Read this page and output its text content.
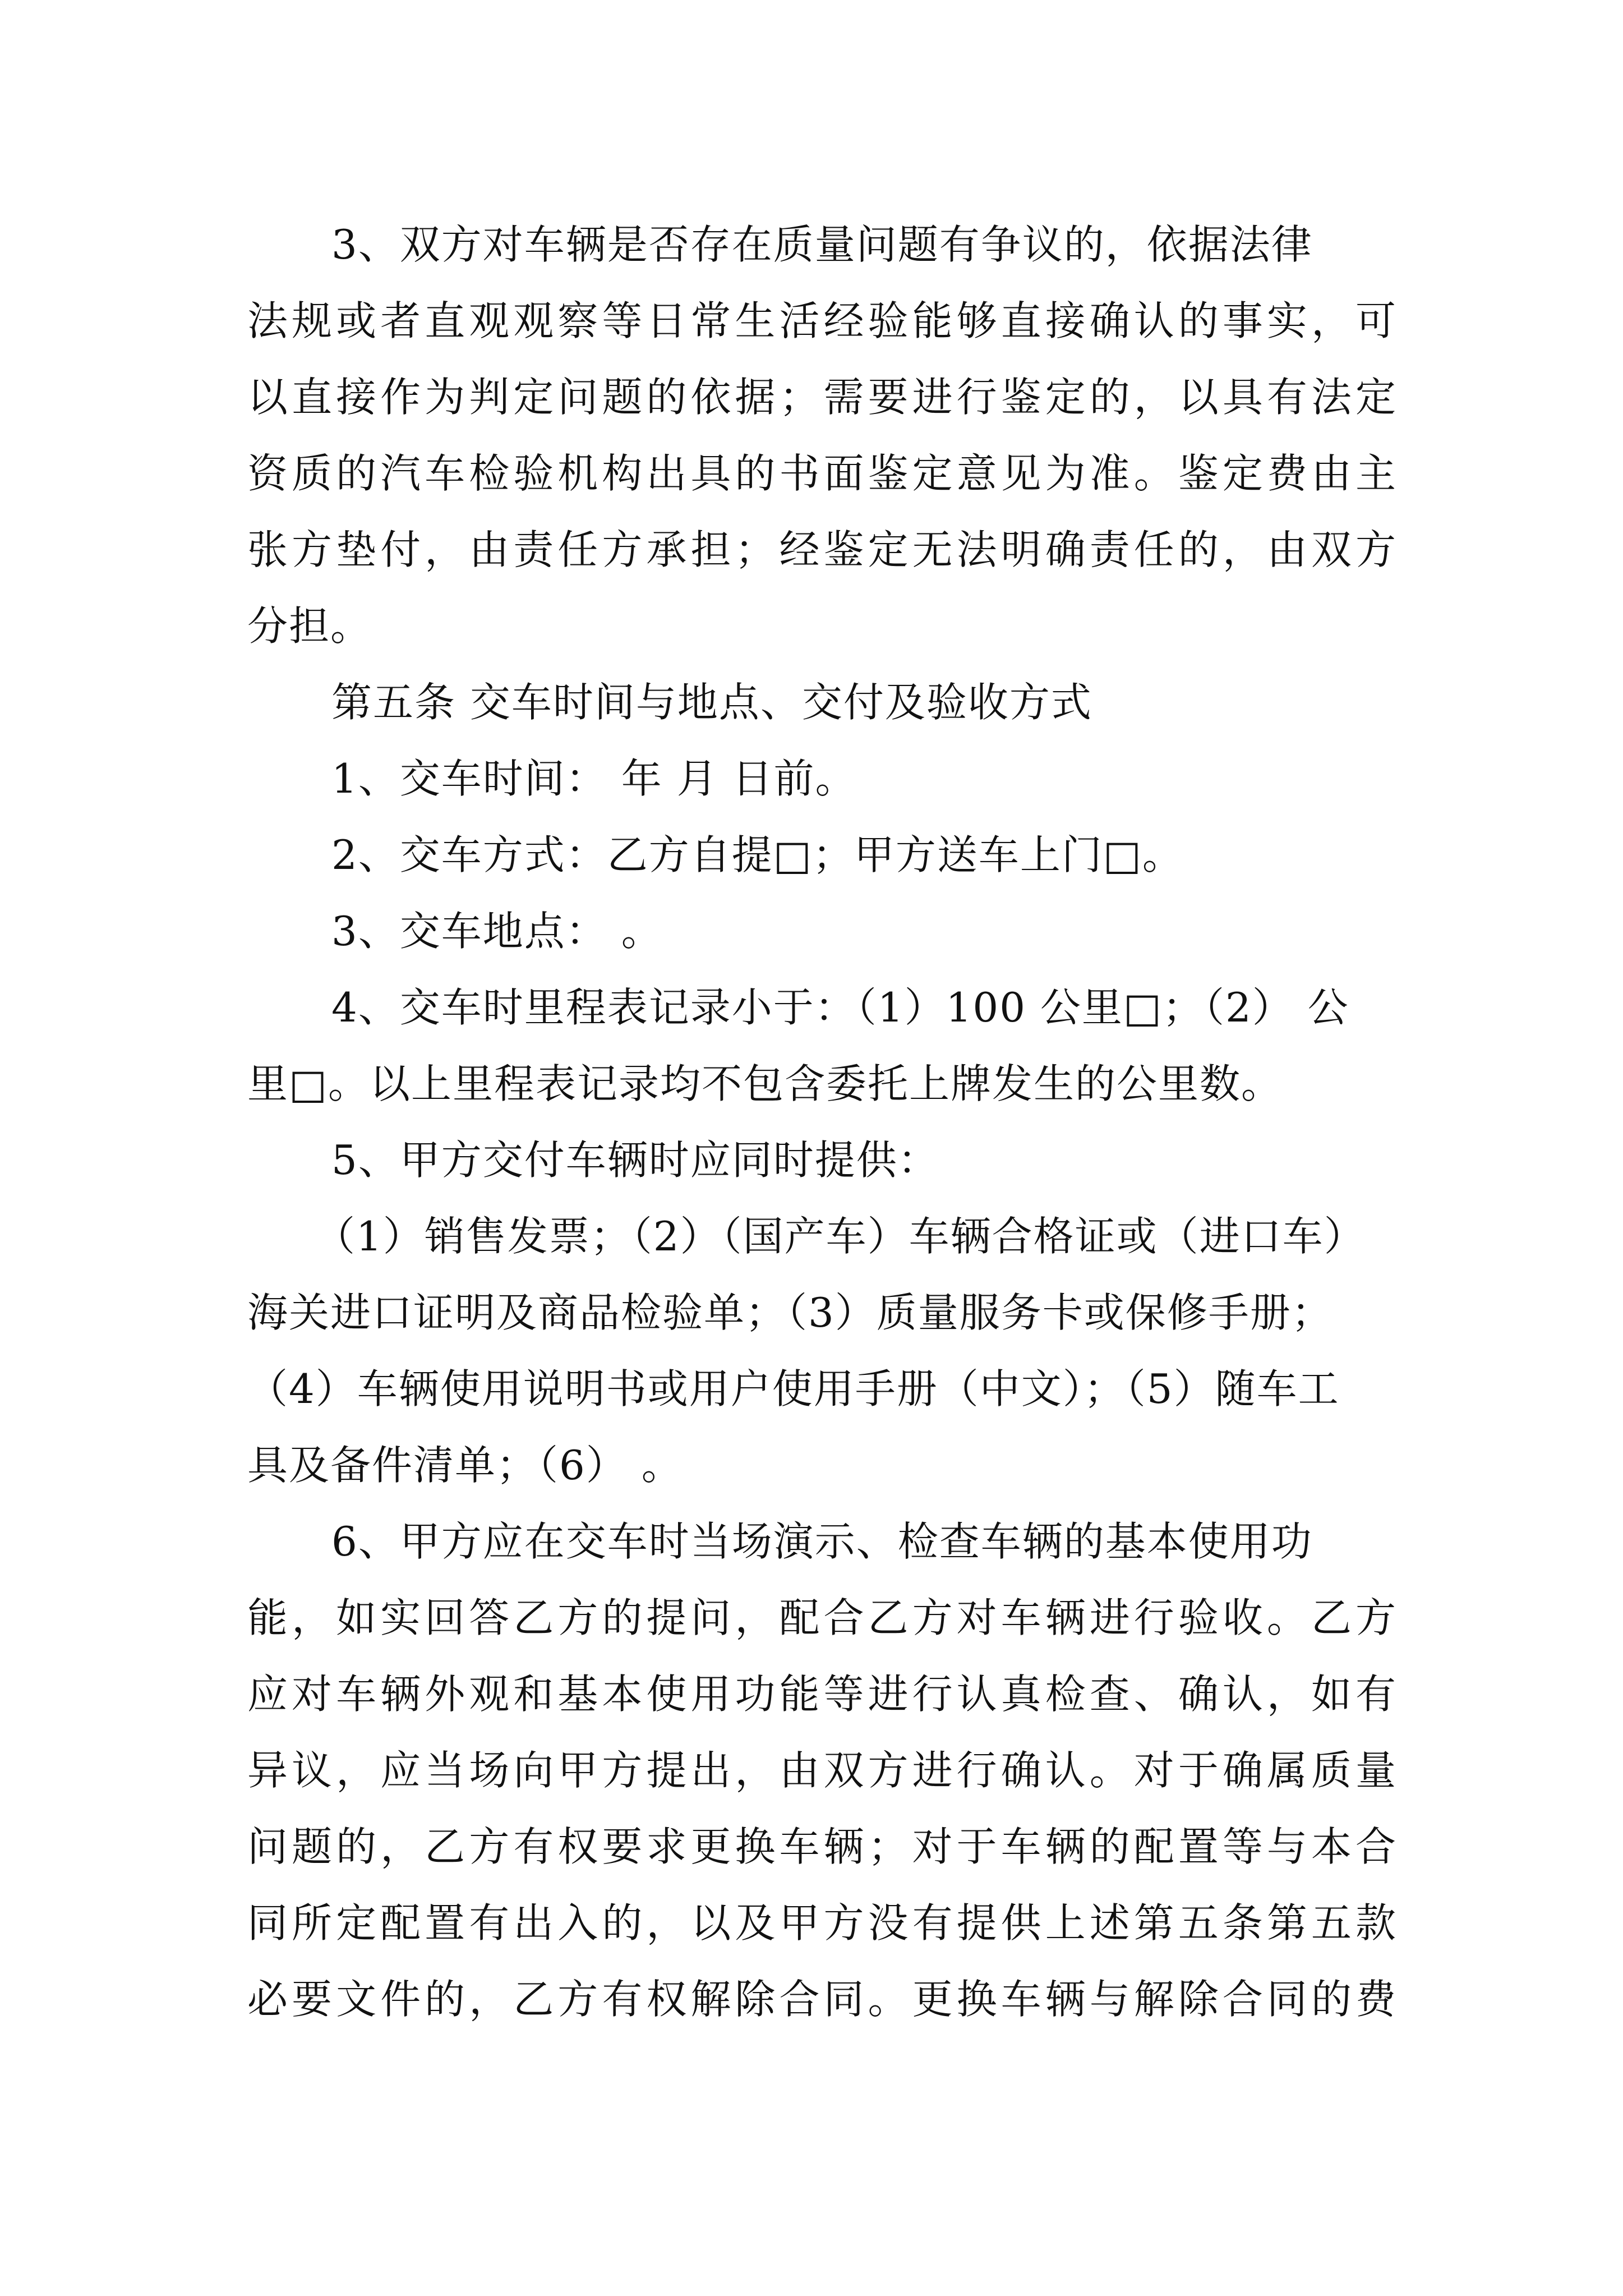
3、双方对车辆是否存在质量问题有争议的，依据法律
法规或者直观观察等日常生活经验能够直接确认的事实，可
以直接作为判定问题的依据；需要进行鉴定的，以具有法定
资质的汽车检验机构出具的书面鉴定意见为准。鉴定费由主
张方垫付，由责任方承担；经鉴定无法明确责任的，由双方
分担。
第五条 交车时间与地点、交付及验收方式
1、交车时间： 年 月 日前。
2、交车方式：乙方自提□；甲方送车上门□。
3、交车地点： 。
4、交车时里程表记录小于：（1）100 公里□；（2） 公
里□。以上里程表记录均不包含委托上牌发生的公里数。
5、甲方交付车辆时应同时提供：
（1）销售发票；（2）（国产车）车辆合格证或（进口车）
海关进口证明及商品检验单；（3）质量服务卡或保修手册；
（4）车辆使用说明书或用户使用手册（中文）；（5）随车工
具及备件清单；（6） 。
6、甲方应在交车时当场演示、检查车辆的基本使用功
能，如实回答乙方的提问，配合乙方对车辆进行验收。乙方
应对车辆外观和基本使用功能等进行认真检查、确认，如有
异议，应当场向甲方提出，由双方进行确认。对于确属质量
问题的，乙方有权要求更换车辆；对于车辆的配置等与本合
同所定配置有出入的，以及甲方没有提供上述第五条第五款
必要文件的，乙方有权解除合同。更换车辆与解除合同的费
